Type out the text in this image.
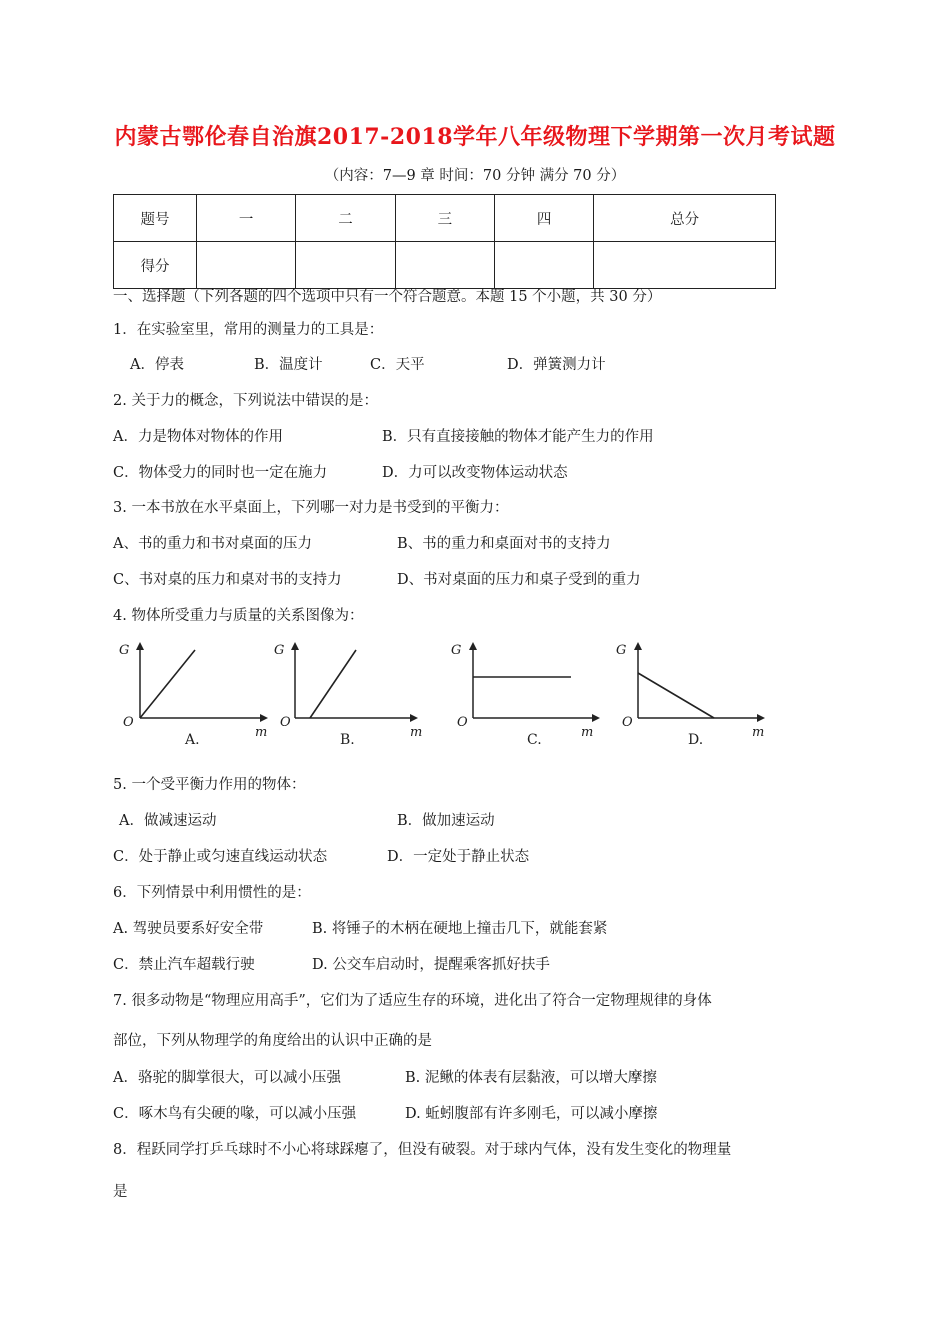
内蒙古鄂伦春自治旗2017-2018学年八年级物理下学期第一次月考试题
（内容：7—9 章 时间：70 分钟 满分 70 分）
题号	一	二	三	四	总分
得分					
一、选择题（下列各题的四个选项中只有一个符合题意。本题 15 个小题，共 30 分）
1．在实验室里，常用的测量力的工具是：
A．停表	B．温度计	C．天平	D．弹簧测力计
2. 关于力的概念，下列说法中错误的是：
A．力是物体对物体的作用	B．只有直接接触的物体才能产生力的作用
C．物体受力的同时也一定在施力	D．力可以改变物体运动状态
3. 一本书放在水平桌面上，下列哪一对力是书受到的平衡力：
A、书的重力和书对桌面的压力	B、书的重力和桌面对书的支持力
C、书对桌的压力和桌对书的支持力	D、书对桌面的压力和桌子受到的重力
4. 物体所受重力与质量的关系图像为：
G
O
m
A.
G
O
m
B.
G
O
m
C.
G
O
m
D.
5. 一个受平衡力作用的物体：
A．做减速运动	B．做加速运动
C．处于静止或匀速直线运动状态	D．一定处于静止状态
6．下列情景中利用惯性的是：
A. 驾驶员要系好安全带	B. 将锤子的木柄在硬地上撞击几下，就能套紧
C．禁止汽车超载行驶	D. 公交车启动时，提醒乘客抓好扶手
7. 很多动物是“物理应用高手”，它们为了适应生存的环境，进化出了符合一定物理规律的身体
部位，下列从物理学的角度给出的认识中正确的是
A．骆驼的脚掌很大，可以减小压强	B. 泥鳅的体表有层黏液，可以增大摩擦
C．啄木鸟有尖硬的喙，可以减小压强	D. 蚯蚓腹部有许多刚毛，可以减小摩擦
8．程跃同学打乒乓球时不小心将球踩瘪了，但没有破裂。对于球内气体，没有发生变化的物理量
是
